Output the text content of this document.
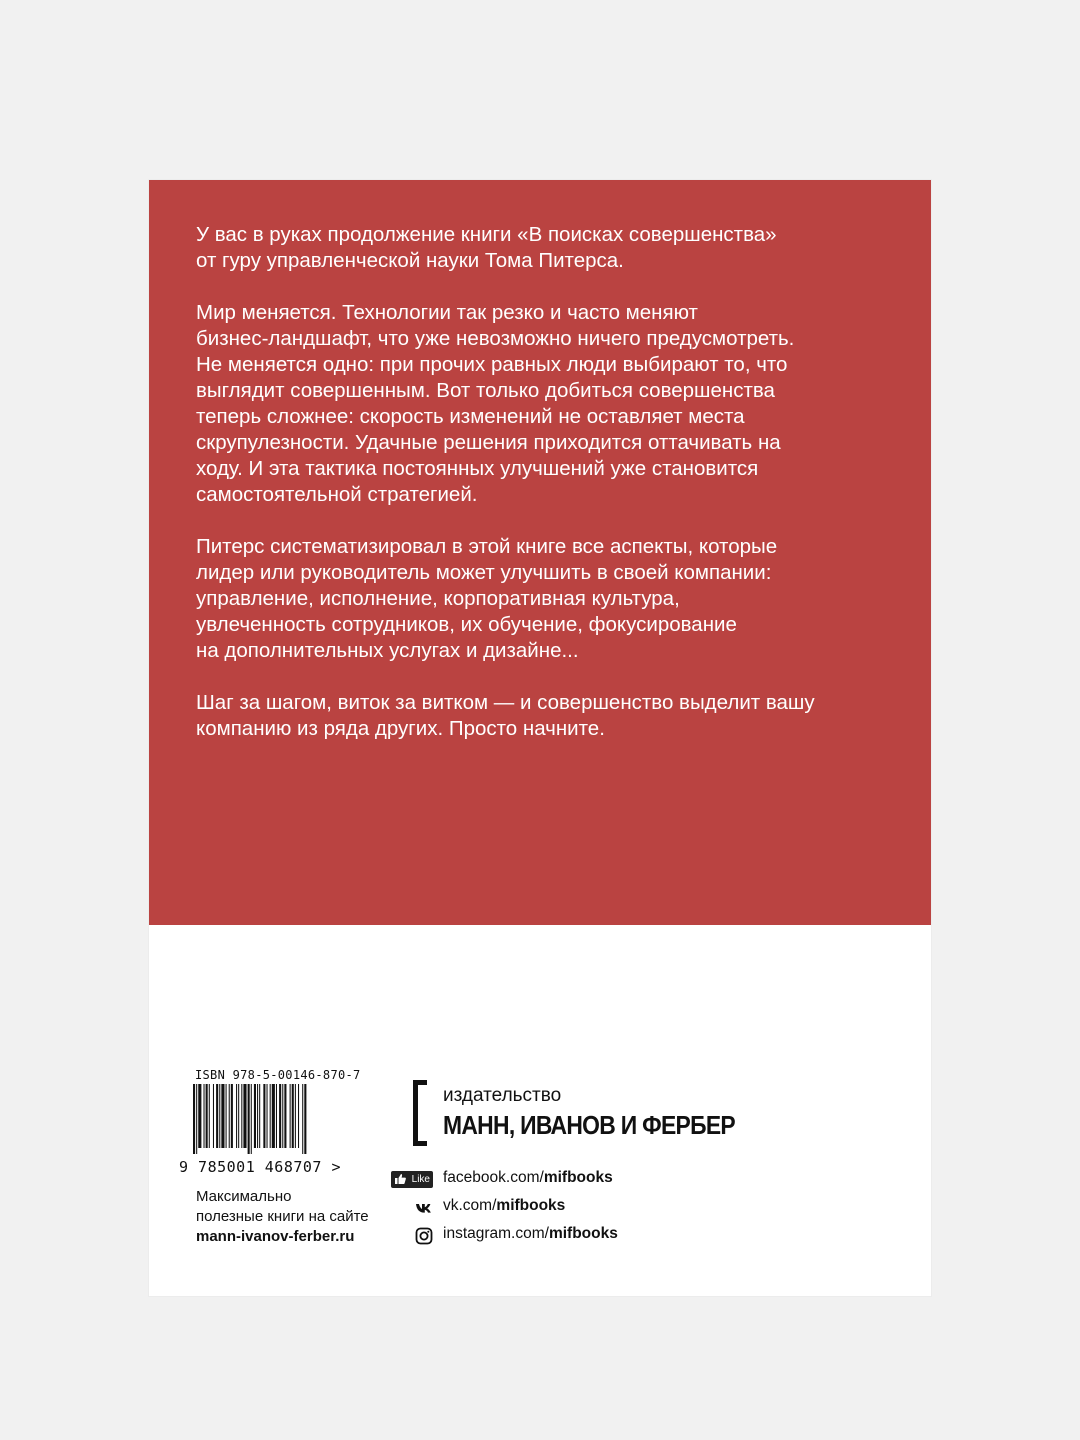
У вас в руках продолжение книги «В поисках совершенства»
от гуру управленческой науки Тома Питерса.

Мир меняется. Технологии так резко и часто меняют
бизнес-ландшафт, что уже невозможно ничего предусмотреть.
Не меняется одно: при прочих равных люди выбирают то, что
выглядит совершенным. Вот только добиться совершенства
теперь сложнее: скорость изменений не оставляет места
скрупулезности. Удачные решения приходится оттачивать на
ходу. И эта тактика постоянных улучшений уже становится
самостоятельной стратегией.

Питерс систематизировал в этой книге все аспекты, которые
лидер или руководитель может улучшить в своей компании:
управление, исполнение, корпоративная культура,
увлеченность сотрудников, их обучение, фокусирование
на дополнительных услугах и дизайне...

Шаг за шагом, виток за витком — и совершенство выделит вашу
компанию из ряда других. Просто начните.

ISBN 978-5-00146-870-7
9 785001 468707 >
Максимально
полезные книги на сайте
mann-ivanov-ferber.ru
издательство
МАНН, ИВАНОВ И ФЕРБЕР
Like facebook.com/mifbooks
vk.com/mifbooks
instagram.com/mifbooks
